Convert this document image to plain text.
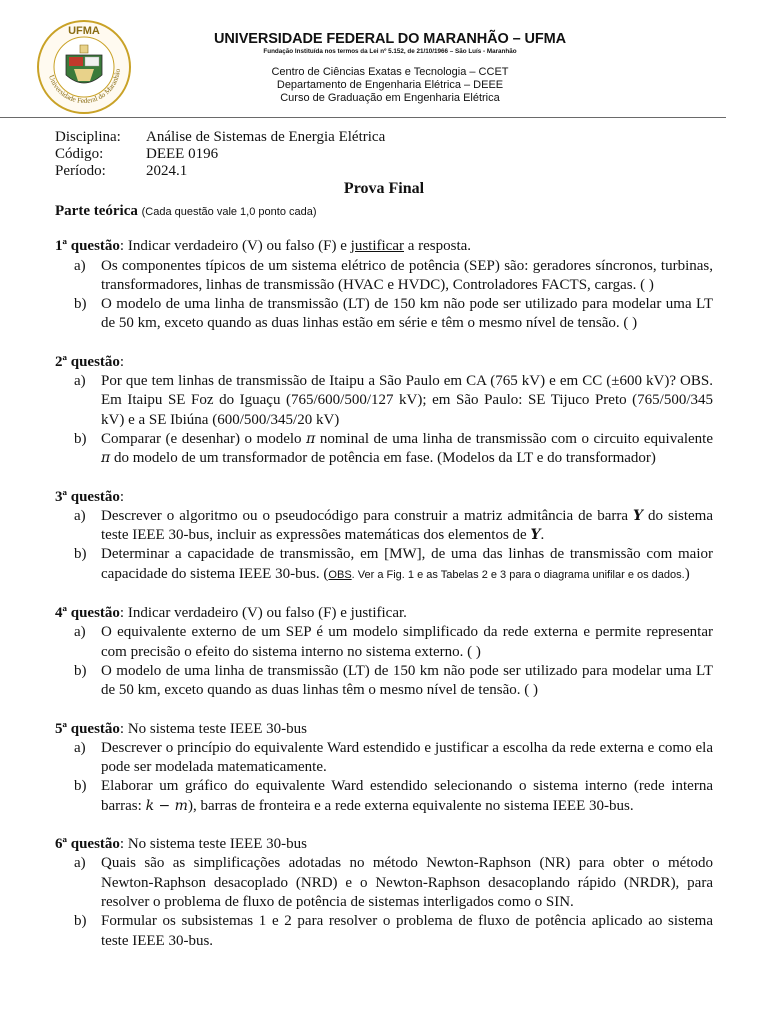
UFMA
Universidade Federal do Maranhão
UNIVERSIDADE FEDERAL DO MARANHÃO – UFMA
Fundação Instituída nos termos da Lei nº 5.152, de 21/10/1966 – São Luís - Maranhão
Centro de Ciências Exatas e Tecnologia – CCET
Departamento de Engenharia Elétrica – DEEE
Curso de Graduação em Engenharia Elétrica
Disciplina:	Análise de Sistemas de Energia Elétrica
Código:	DEEE 0196
Período:	2024.1
Prova Final

Parte teórica (Cada questão vale 1,0 ponto cada)

1ª questão: Indicar verdadeiro (V) ou falso (F) e justificar a resposta.
a)	Os componentes típicos de um sistema elétrico de potência (SEP) são: geradores síncronos, turbinas, transformadores, linhas de transmissão (HVAC e HVDC), Controladores FACTS, cargas. ( )
b) O modelo de uma linha de transmissão (LT) de 150 km não pode ser utilizado para modelar uma LT de 50 km, exceto quando as duas linhas estão em série e têm o mesmo nível de tensão. ( )
2ª questão:
a)	Por que tem linhas de transmissão de Itaipu a São Paulo em CA (765 kV) e em CC (±600 kV)? OBS. Em Itaipu SE Foz do Iguaçu (765/600/500/127 kV); em São Paulo: SE Tijuco Preto (765/500/345 kV) e a SE Ibiúna (600/500/345/20 kV)
b) Comparar (e desenhar) o modelo π nominal de uma linha de transmissão com o circuito equivalente π do modelo de um transformador de potência em fase. (Modelos da LT e do transformador)
3ª questão:
a)	Descrever o algoritmo ou o pseudocódigo para construir a matriz admitância de barra Y do sistema teste IEEE 30-bus, incluir as expressões matemáticas dos elementos de Y.
b) Determinar a capacidade de transmissão, em [MW], de uma das linhas de transmissão com maior capacidade do sistema IEEE 30-bus. (OBS. Ver a Fig. 1 e as Tabelas 2 e 3 para o diagrama unifilar e os dados.)
4ª questão: Indicar verdadeiro (V) ou falso (F) e justificar.
a)	O equivalente externo de um SEP é um modelo simplificado da rede externa e permite representar com precisão o efeito do sistema interno no sistema externo. ( )
b) O modelo de uma linha de transmissão (LT) de 150 km não pode ser utilizado para modelar uma LT de 50 km, exceto quando as duas linhas têm o mesmo nível de tensão. ( )
5ª questão: No sistema teste IEEE 30-bus
a)	Descrever o princípio do equivalente Ward estendido e justificar a escolha da rede externa e como ela pode ser modelada matematicamente.
b) Elaborar um gráfico do equivalente Ward estendido selecionando o sistema interno (rede interna barras: k − m), barras de fronteira e a rede externa equivalente no sistema IEEE 30-bus.
6ª questão: No sistema teste IEEE 30-bus
a)	Quais são as simplificações adotadas no método Newton-Raphson (NR) para obter o método Newton-Raphson desacoplado (NRD) e o Newton-Raphson desacoplando rápido (NRDR), para resolver o problema de fluxo de potência de sistemas interligados como o SIN.
b) Formular os subsistemas 1 e 2 para resolver o problema de fluxo de potência aplicado ao sistema teste IEEE 30-bus.
